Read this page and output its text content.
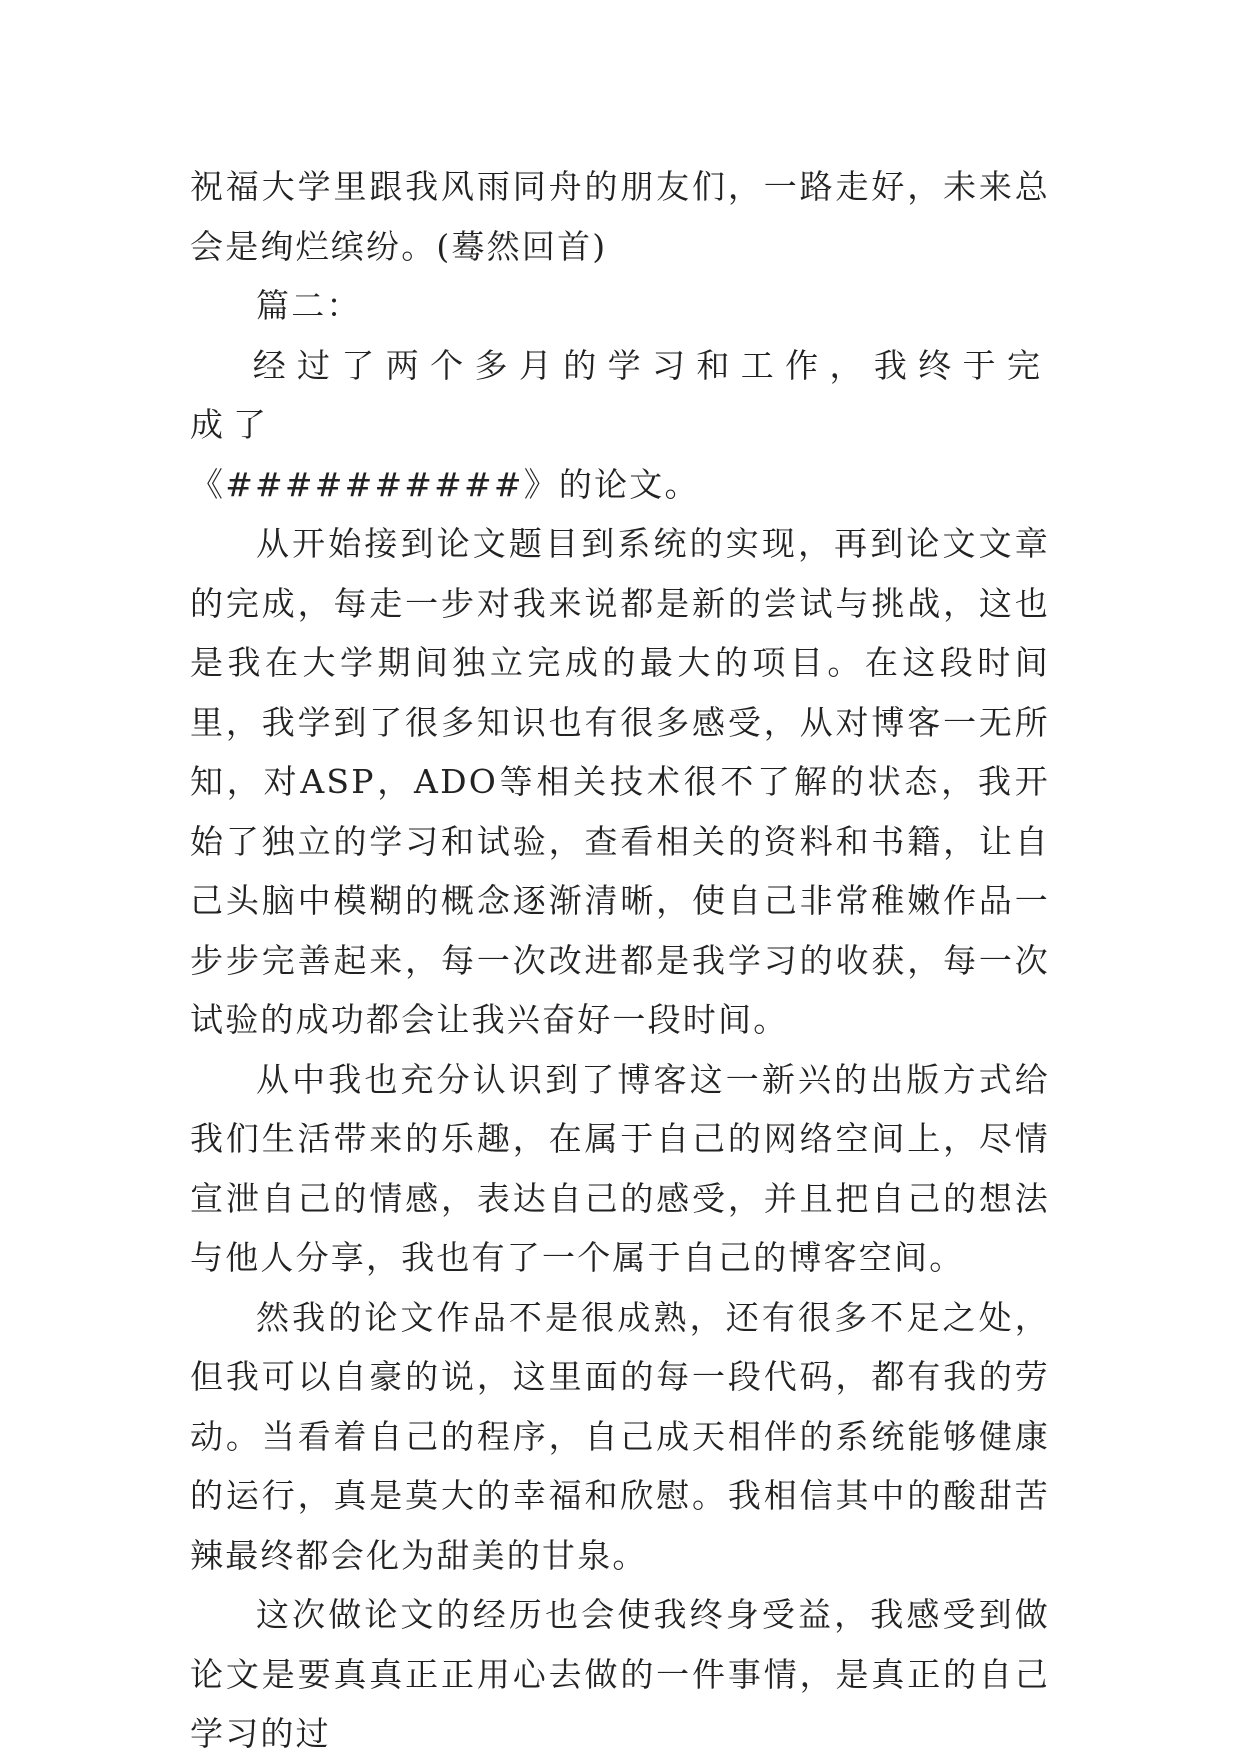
祝福大学里跟我风雨同舟的朋友们，一路走好，未来总会是绚烂缤纷。(蓦然回首)

篇二：

经过了两个多月的学习和工作，我终于完成了

《##########》的论文。

从开始接到论文题目到系统的实现，再到论文文章的完成，每走一步对我来说都是新的尝试与挑战，这也是我在大学期间独立完成的最大的项目。在这段时间里，我学到了很多知识也有很多感受，从对博客一无所知，对ASP，ADO等相关技术很不了解的状态，我开始了独立的学习和试验，查看相关的资料和书籍，让自己头脑中模糊的概念逐渐清晰，使自己非常稚嫩作品一步步完善起来，每一次改进都是我学习的收获，每一次试验的成功都会让我兴奋好一段时间。

从中我也充分认识到了博客这一新兴的出版方式给我们生活带来的乐趣，在属于自己的网络空间上，尽情宣泄自己的情感，表达自己的感受，并且把自己的想法与他人分享，我也有了一个属于自己的博客空间。

然我的论文作品不是很成熟，还有很多不足之处，但我可以自豪的说，这里面的每一段代码，都有我的劳动。当看着自己的程序，自己成天相伴的系统能够健康的运行，真是莫大的幸福和欣慰。我相信其中的酸甜苦辣最终都会化为甜美的甘泉。

这次做论文的经历也会使我终身受益，我感受到做论文是要真真正正用心去做的一件事情，是真正的自己学习的过
